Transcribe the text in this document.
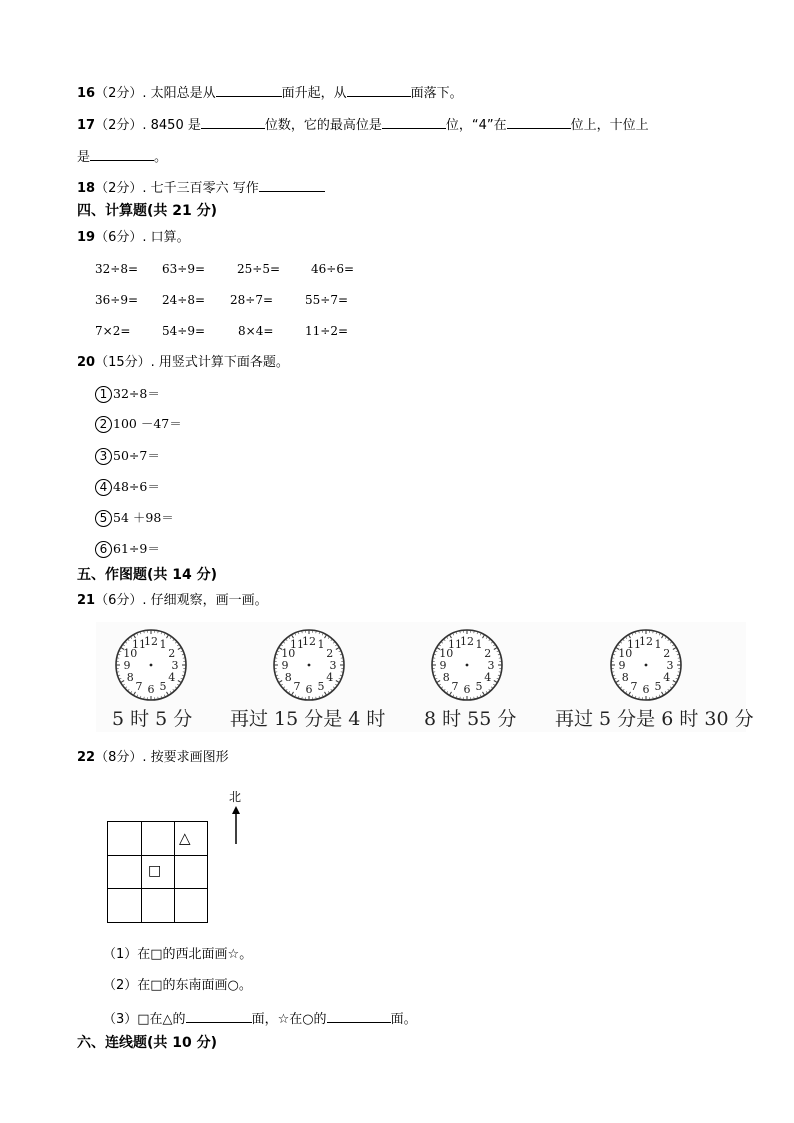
16（2分）. 太阳总是从	面升起，从	面落下。
17（2分）. 8450 是	位数，它的最高位是	位，“4”在	位上，十位上
是	。
18（2分）. 七千三百零六 写作
四、计算题(共 21 分)
19（6分）. 口算。
32÷8= 63÷9=	25÷5=	46÷6=
36÷9= 24÷8= 28÷7=	55÷7=
7×2=	54÷9=	8×4=	11÷2=
20（15分）. 用竖式计算下面各题。
1 32÷8＝
2 100 －47＝
3 50÷7＝
4 48÷6＝
5 54 ＋98＝
6 61÷9＝
五、作图题(共 14 分)
21（6分）. 仔细观察，画一画。
12 1
2
3
4
5
6
7
8
9
10
11	12 1
2
3
4
5
6
7
8
9
10
11	12 1
2
3
4
5
6
7
8
9
10
11	12 1
2
3
4
5
6
7
8
9
10
11
5 时 5 分 再过 15 分是 4 时 8 时 55 分 再过 5 分是 6 时 30 分
22（8分）. 按要求画图形
北
△
□
（1）在□的西北面画☆。
（2）在□的东南面画○。
（3）□在△的	面，☆在○的	面。
六、连线题(共 10 分)
